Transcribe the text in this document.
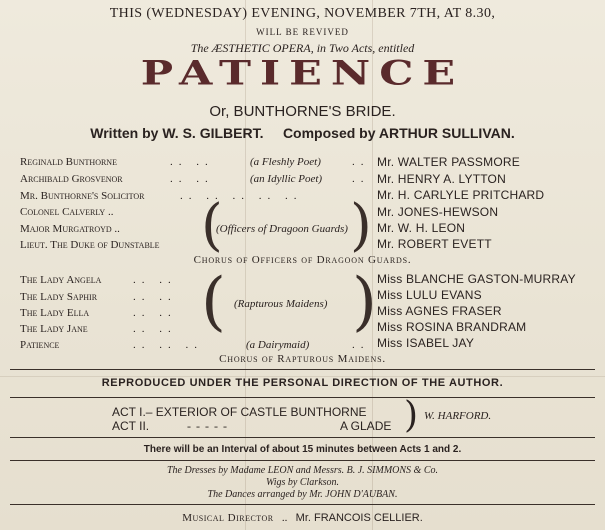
THIS (WEDNESDAY) EVENING, NOVEMBER 7TH, AT 8.30,
WILL BE REVIVED
The ÆSTHETIC OPERA, in Two Acts, entitled
PATIENCE
Or, BUNTHORNE'S BRIDE.
Written by W. S. GILBERT. Composed by ARTHUR SULLIVAN.
Reginald Bunthorne	.. ..	(a Fleshly Poet)	.. Mr. WALTER PASSMORE
Archibald Grosvenor	.. ..	(an Idyllic Poet)	.. Mr. HENRY A. LYTTON
Mr. Bunthorne's Solicitor	.. .. .. .. ..	Mr. H. CARLYLE PRITCHARD
Colonel Calverly ..	Mr. JONES-HEWSON
Major Murgatroyd ..	Mr. W. H. LEON
Lieut. The Duke of Dunstable	Mr. ROBERT EVETT
(
(Officers of Dragoon Guards) )
Chorus of Officers of Dragoon Guards.
The Lady Angela	.. ..	Miss BLANCHE GASTON-MURRAY
The Lady Saphir	.. ..	Miss LULU EVANS
The Lady Ella	.. ..	Miss AGNES FRASER
The Lady Jane	.. ..	Miss ROSINA BRANDRAM
( (Rapturous Maidens) )
Patience	.. .. ..	(a Dairymaid)	.. Miss ISABEL JAY
Chorus of Rapturous Maidens.
REPRODUCED UNDER THE PERSONAL DIRECTION OF THE AUTHOR.
ACT I.– EXTERIOR OF CASTLE BUNTHORNE
ACT II.	- - - - -	A GLADE ) W. HARFORD.
There will be an Interval of about 15 minutes between Acts 1 and 2.
The Dresses by Madame LEON and Messrs. B. J. SIMMONS & Co.
Wigs by Clarkson.
The Dances arranged by Mr. JOHN D'AUBAN.
Musical Director .. Mr. FRANCOIS CELLIER.
